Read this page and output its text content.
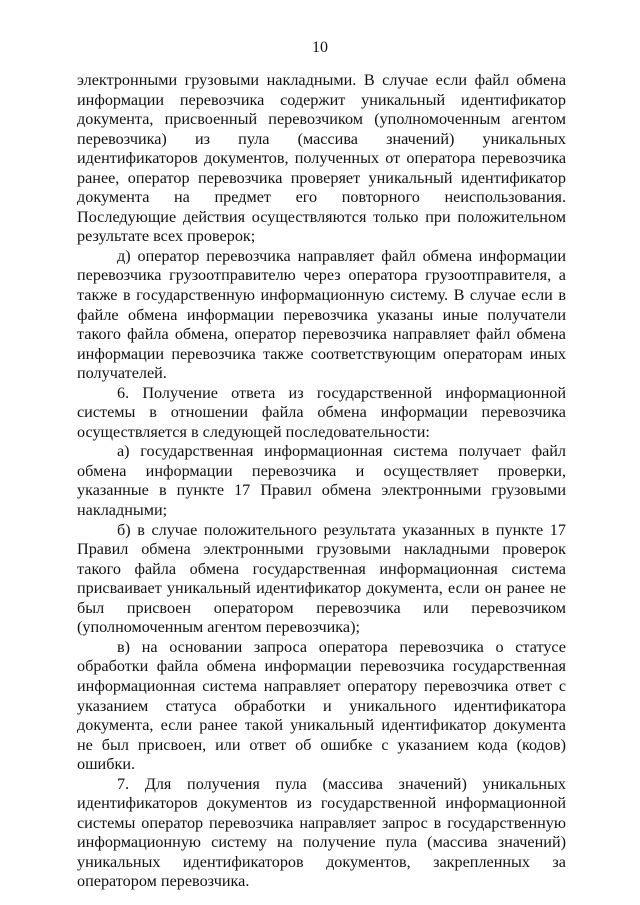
10

электронными грузовыми накладными. В случае если файл обмена информации перевозчика содержит уникальный идентификатор документа, присвоенный перевозчиком (уполномоченным агентом перевозчика) из пула (массива значений) уникальных идентификаторов документов, полученных от оператора перевозчика ранее, оператор перевозчика проверяет уникальный идентификатор документа на предмет его повторного неиспользования. Последующие действия осуществляются только при положительном результате всех проверок;

д) оператор перевозчика направляет файл обмена информации перевозчика грузоотправителю через оператора грузоотправителя, а также в государственную информационную систему. В случае если в файле обмена информации перевозчика указаны иные получатели такого файла обмена, оператор перевозчика направляет файл обмена информации перевозчика также соответствующим операторам иных получателей.

6. Получение ответа из государственной информационной системы в отношении файла обмена информации перевозчика осуществляется в следующей последовательности:

а) государственная информационная система получает файл обмена информации перевозчика и осуществляет проверки, указанные в пункте 17 Правил обмена электронными грузовыми накладными;

б) в случае положительного результата указанных в пункте 17 Правил обмена электронными грузовыми накладными проверок такого файла обмена государственная информационная система присваивает уникальный идентификатор документа, если он ранее не был присвоен оператором перевозчика или перевозчиком (уполномоченным агентом перевозчика);

в) на основании запроса оператора перевозчика о статусе обработки файла обмена информации перевозчика государственная информационная система направляет оператору перевозчика ответ с указанием статуса обработки и уникального идентификатора документа, если ранее такой уникальный идентификатор документа не был присвоен, или ответ об ошибке с указанием кода (кодов) ошибки.

7. Для получения пула (массива значений) уникальных идентификаторов документов из государственной информационной системы оператор перевозчика направляет запрос в государственную информационную систему на получение пула (массива значений) уникальных идентификаторов документов, закрепленных за оператором перевозчика.
